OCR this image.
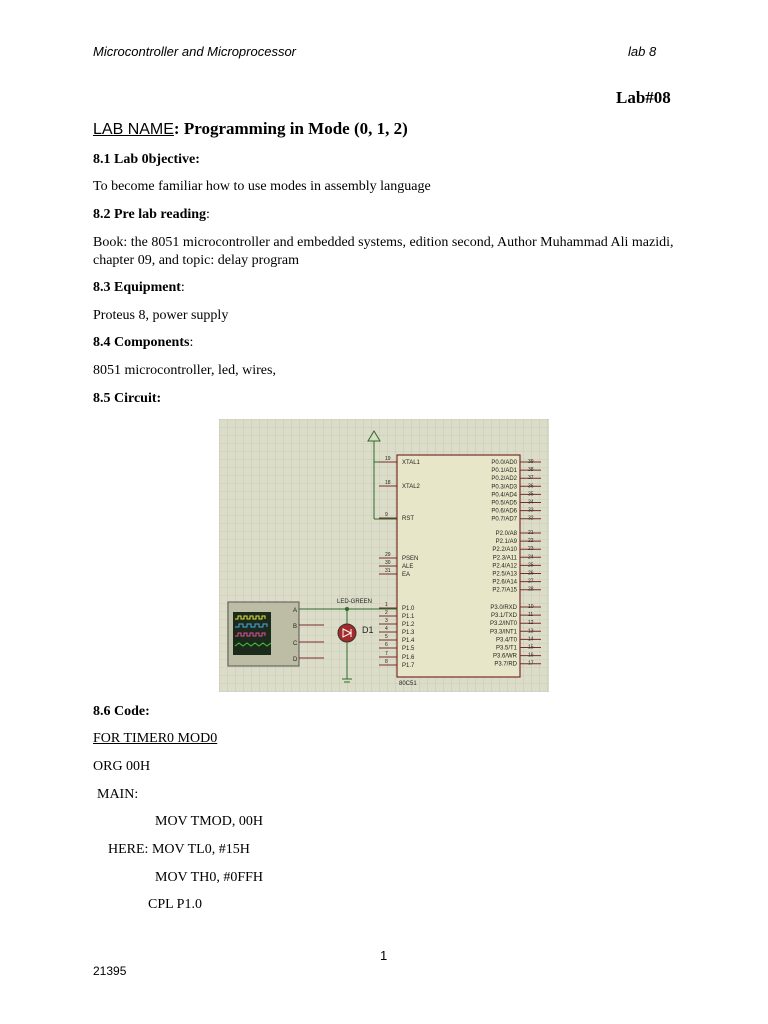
Microcontroller and Microprocessor	lab 8
Lab#08
LAB NAME: Programming in Mode (0, 1, 2)
8.1 Lab 0bjective:
To become familiar how to use modes in assembly language
8.2 Pre lab reading:
Book: the 8051 microcontroller and embedded systems, edition second, Author Muhammad Ali mazidi, chapter 09, and topic: delay program
8.3 Equipment:
Proteus 8, power supply
8.4 Components:
8051 microcontroller, led, wires,
8.5 Circuit:
19
XTAL1
18
XTAL2
9
RST
29
PSEN
30
ALE
31
EA
1
P1.0
2
P1.1
3
P1.2
4
P1.3
5
P1.4
6
P1.5
7
P1.6
8
P1.7
P0.0/AD0 39
P0.1/AD1 38
P0.2/AD2 37
P0.3/AD3 36
P0.4/AD4 35
P0.5/AD5 34
P0.6/AD6 33
P0.7/AD7 32
P2.0/A8 21
P2.1/A9 22
P2.2/A10 23
P2.3/A11 24
P2.4/A12 25
P2.5/A13 26
P2.6/A14 27
P2.7/A15 28
P3.0/RXD 10
P3.1/TXD 11
P3.2/INT0 12
P3.3/INT1 13
P3.4/T0 14
P3.5/T1 15
P3.6/WR 16
P3.7/RD 17
A
B
C
D
LED-GREEN
D1
80C51
8.6 Code:
FOR TIMER0 MOD0
ORG 00H
MAIN:
MOV TMOD, 00H
HERE: MOV TL0, #15H
MOV TH0, #0FFH
CPL P1.0
1
21395
